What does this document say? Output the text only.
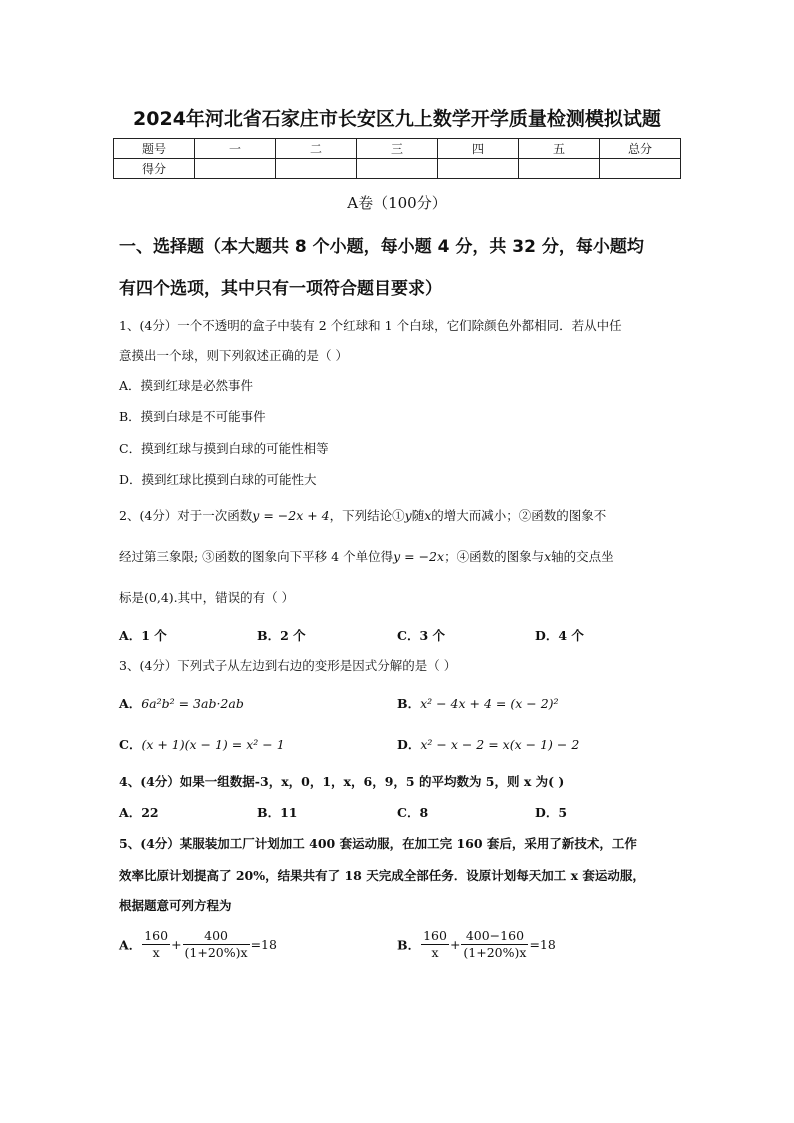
2024年河北省石家庄市长安区九上数学开学质量检测模拟试题
题号	一	二	三	四	五	总分
得分						
A卷（100分）
一、选择题（本大题共 8 个小题，每小题 4 分，共 32 分，每小题均
有四个选项，其中只有一项符合题目要求）
1、(4分）一个不透明的盒子中装有 2 个红球和 1 个白球，它们除颜色外都相同．若从中任
意摸出一个球，则下列叙述正确的是（ ）
A．摸到红球是必然事件
B．摸到白球是不可能事件
C．摸到红球与摸到白球的可能性相等
D．摸到红球比摸到白球的可能性大
2、(4分）对于一次函数y = −2x + 4，下列结论①y随x的增大而减小；②函数的图象不
经过第三象限; ③函数的图象向下平移 4 个单位得y = −2x；④函数的图象与x轴的交点坐
标是(0,4).其中，错误的有（ ）
A．1 个	B．2 个	C．3 个	D．4 个
3、(4分）下列式子从左边到右边的变形是因式分解的是（ ）
A．6a²b² = 3ab·2ab	B．x² − 4x + 4 = (x − 2)²
C．(x + 1)(x − 1) = x² − 1	D．x² − x − 2 = x(x − 1) − 2
4、(4分）如果一组数据-3，x，0，1，x，6，9，5 的平均数为 5，则 x 为( )
A．22	B．11	C．8	D．5
5、(4分）某服装加工厂计划加工 400 套运动服，在加工完 160 套后，采用了新技术，工作
效率比原计划提高了 20%，结果共有了 18 天完成全部任务．设原计划每天加工 x 套运动服，
根据题意可列方程为
A． $\frac{160}{x} + \frac{400}{(1+20\%)x} =18$	B． $\frac{160}{x} + \frac{400-160}{(1+20\%)x} =18$
